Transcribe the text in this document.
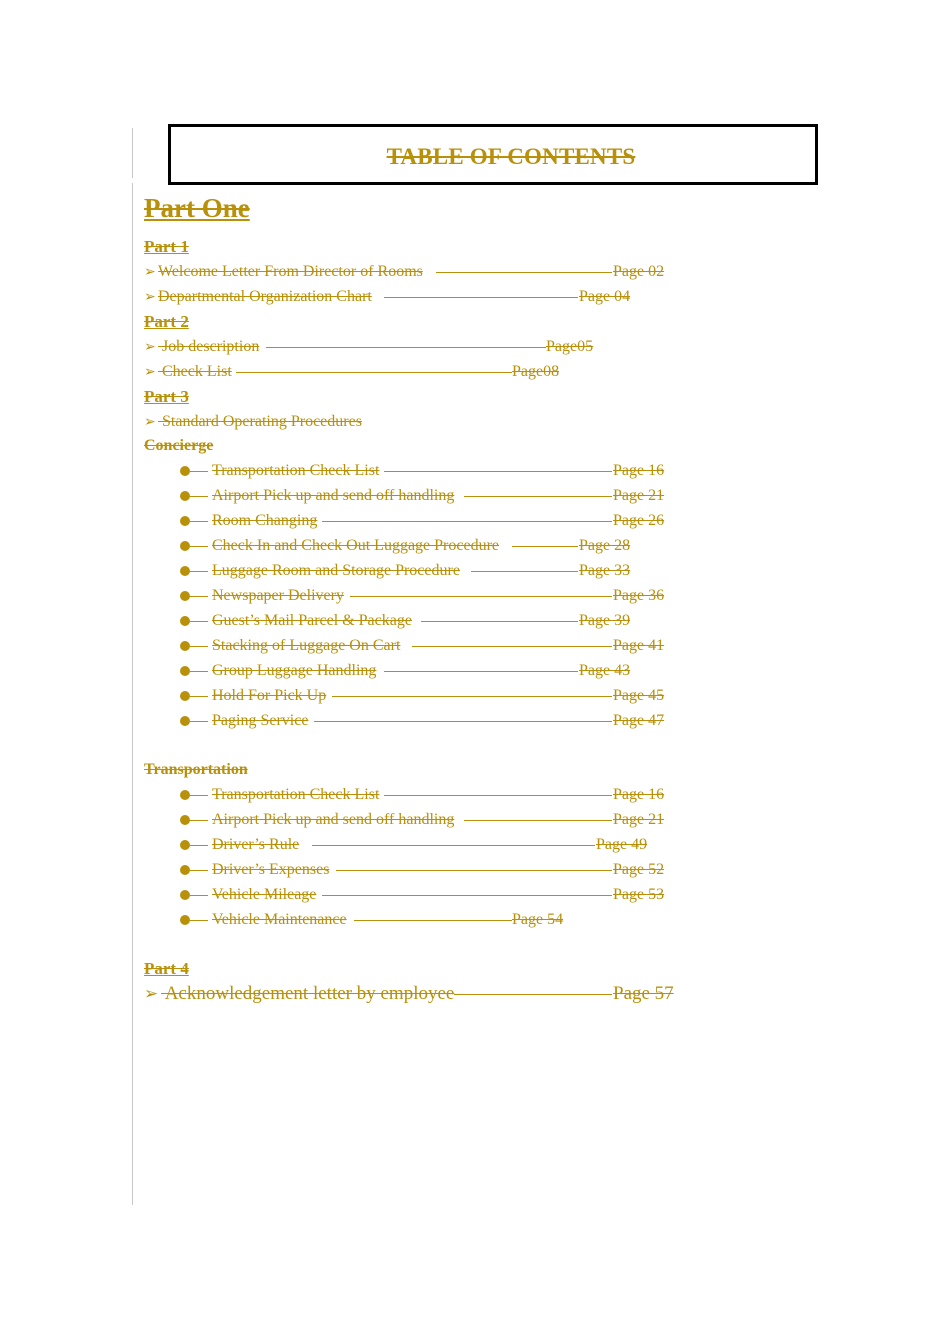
TABLE OF CONTENTS
Part One
Part 1
➢ Welcome Letter From Director of Rooms	Page 02
➢ Departmental Organization Chart	Page 04
Part 2
➢ Job description	Page05
➢ Check List	Page08
Part 3
➢ Standard Operating Procedures
Concierge
Transportation Check List	Page 16
Airport Pick up and send off handling	Page 21
Room Changing	Page 26
Check In and Check Out Luggage Procedure	Page 28
Luggage Room and Storage Procedure	Page 33
Newspaper Delivery	Page 36
Guest’s Mail Parcel & Package	Page 39
Stacking of Luggage On Cart	Page 41
Group Luggage Handling	Page 43
Hold For Pick Up	Page 45
Paging Service	Page 47
Transportation
Transportation Check List	Page 16
Airport Pick up and send off handling	Page 21
Driver’s Rule	Page 49
Driver’s Expenses	Page 52
Vehicle Mileage	Page 53
Vehicle Maintenance	Page 54
Part 4
➢ Acknowledgement letter by employee	Page 57
